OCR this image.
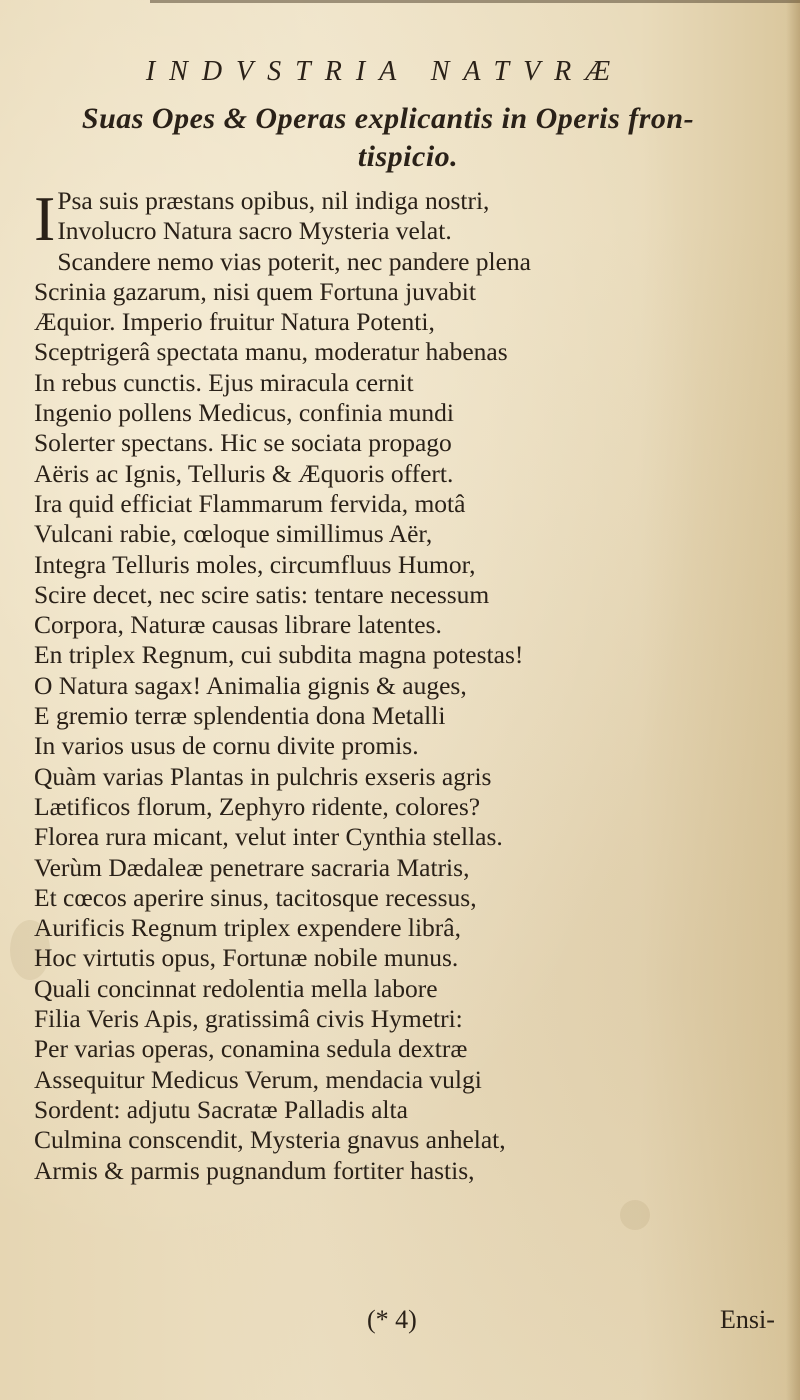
INDVSTRIA NATVRÆ
Suas Opes & Operas explicantis in Operis fron-
tispicio.
I Psa suis præstans opibus, nil indiga nostri,
Involucro Natura sacro Mysteria velat.
Scandere nemo vias poterit, nec pandere plena
Scrinia gazarum, nisi quem Fortuna juvabit
Æquior. Imperio fruitur Natura Potenti,
Sceptrigerâ spectata manu, moderatur habenas
In rebus cunctis. Ejus miracula cernit
Ingenio pollens Medicus, confinia mundi
Solerter spectans. Hic se sociata propago
Aëris ac Ignis, Telluris & Æquoris offert.
Ira quid efficiat Flammarum fervida, motâ
Vulcani rabie, cœloque simillimus Aër,
Integra Telluris moles, circumfluus Humor,
Scire decet, nec scire satis: tentare necessum
Corpora, Naturæ causas librare latentes.
En triplex Regnum, cui subdita magna potestas!
O Natura sagax! Animalia gignis & auges,
E gremio terræ splendentia dona Metalli
In varios usus de cornu divite promis.
Quàm varias Plantas in pulchris exseris agris
Lætificos florum, Zephyro ridente, colores?
Florea rura micant, velut inter Cynthia stellas.
Verùm Dædaleæ penetrare sacraria Matris,
Et cœcos aperire sinus, tacitosque recessus,
Aurificis Regnum triplex expendere librâ,
Hoc virtutis opus, Fortunæ nobile munus.
Quali concinnat redolentia mella labore
Filia Veris Apis, gratissimâ civis Hymetri:
Per varias operas, conamina sedula dextræ
Assequitur Medicus Verum, mendacia vulgi
Sordent: adjutu Sacratæ Palladis alta
Culmina conscendit, Mysteria gnavus anhelat,
Armis & parmis pugnandum fortiter hastis,
(* 4)	Ensi-
